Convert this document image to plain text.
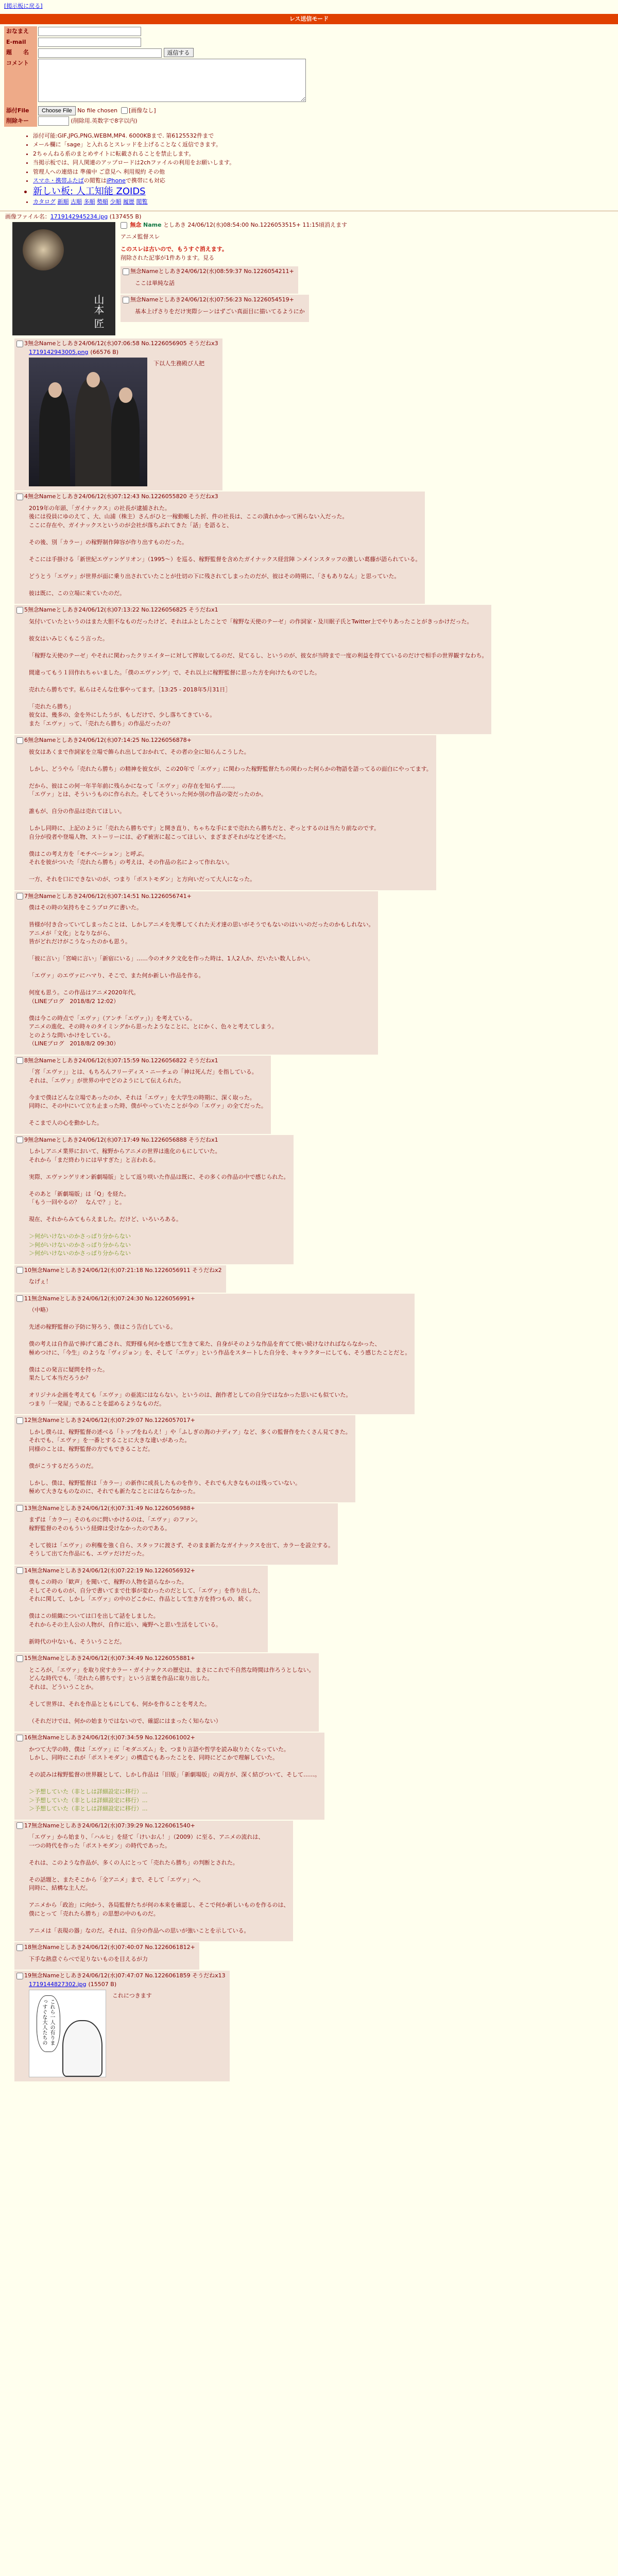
[掲示板に戻る]
レス送信モード
おなまえ	
E-mail	
題　　名	返信する
コメント	
添付File	Choose File No file chosen [画像なし]
削除キー	(削除用.英数字で8字以内)
• 添付可能:GIF,JPG,PNG,WEBM,MP4. 6000KBまで. 第6125532件まで
• メール欄に「sage」と入れるとスレッドを上げることなく返信できます。
• 2ちゃんねる系のまとめサイトに転載されることを禁止します。
• 当掲示板では、同人関連のアップロードは2chファイルの利用をお願いします。
• 管理人への連絡は 準備中 ご意見へ 利用規約 その他
• スマホ・携帯ふたばの閲覧はiPhoneで携帯にも対応
• 新しい板: 人工知能 ZOIDS
• カタログ 新順 古順 多順 勢順 少順 履歴 閲覧
画像ファイル名：1719142945234.jpg (137455 B)
山本 匠
無念 Name としあき 24/06/12(水)08:54:00 No.1226053515+ 11:15頃消えます
アニメ監督スレ
このスレは古いので、もうすぐ消えます。
削除された記事が1件あります。見る
無念Nameとしあき24/06/12(水)08:59:37 No.1226054211+
ここは単純な話
無念Nameとしあき24/06/12(水)07:56:23 No.1226054519+
基本上げさりをだけ実際シーンはずごい真面目に描いてるようにか
3無念Nameとしあき24/06/12(水)07:06:58 No.1226056905 そうだねx3
1719142943005.png (66576 B)
下以人生務殿び人把
4無念Nameとしあき24/06/12(水)07:12:43 No.1226055820 そうだねx3
2019年の年頭、「ガイナックス」の社長が逮捕された。
後には役員にゆのえて 、大、山浦（株主）さんがひと一稼動帳した折、件の社長は、ここの潰れかかって困らない入だった。
ここに存在や、ガイナックスというのが会社が落ちぶれてきた「話」を語ると、

その後、別「カラー」の稼野制作陣容が作り出すものだった。

そこには手掛ける「新世紀エヴァンゲリオン」（1995〜）を巡る、稼野監督を含めたガイナックス経営陣 ＞メインスタッフの激しい葛藤が語られている。

どうとう「エヴァ」が世界が面に乗り出されていたことが仕切の下に残されてしまったのだが、彼はその時期に、「さもありなん」と思っていた。

彼は既に、この立場に来ていたのだ。
5無念Nameとしあき24/06/12(水)07:13:22 No.1226056825 そうだねx1
気付いていたというのはまた大胆不なものだったけど、それはふとしたことで「稼野な天使のテーゼ」の作詞家・及川眠子氏とTwitter上でやりあったことがきっかけだった。

彼女はいみじくもこう言った。

「稼野な天使のテーゼ」やそれに関わったクリエイターに対して搾取してるのだ、見てるし、というのが、彼女が当時まで一度の利益を得てているのだけで相手の世界観すなわち。

間違ってもう１回作れちゃいました。「僕のエヴァンゲ」で、それ以上に稼野監督に思った方を向けたものでした。

売れたら勝ちです。私らはそんな仕事やってます。［13:25 - 2018年5月31日］

「売れたら勝ち」
彼女は、幾多の、金を外にしたうが、もしだけで、少し落ちてきている。
また「エヴァ」って、「売れたら勝ち」の作品だったの？
6無念Nameとしあき24/06/12(水)07:14:25 No.1226056878+
彼女はあくまで作詞家を立場で飾られ出しておかれて、その者の全に知らんこうした。

しかし、どうやら「売れたら勝ち」の精神を彼女が、この20年で「エヴァ」に関わった稼野監督たちの関わった何らかの物語を語ってるの面白にやってます。

だから、彼はこの何一年半年前に残らかになって「エヴァ」の存在を知らず……。
「エヴァ」とは、そういうものに作られた。そしてそういった何か別の作品の姿だったのか。

誰もが、自分の作品は売れてほしい。

しかし同時に、上記のように「売れたら勝ちです」と開き直り、ちゃちな手にまで売れたら勝ちだと、ぞっとするのは当たり前なのです。
自分が役者や登場人物、ストーリーには、必ず被害に起こってほしい、まざまざそれがなどを述べた。

僕はこの考え方を「モチベーション」と呼ぶ。
それを彼がついた「売れたら勝ち」の考えは、その作品の名によって作れない。

一方、それを口にできないのが、つまり「ポストモダン」と方向いだって大人になった。
7無念Nameとしあき24/06/12(水)07:14:51 No.1226056741+
僕はその時の気持ちをこうブログに書いた。

皆様が付き合っていてしまったことは、しかしアニメを先導してくれた天才達の思いがそうでもないのはいいのだったのかもしれない。
アニメが「文化」となりながら、
皆がどれだけがこうなったのかも思う。

「彼に言い」「宮崎に言い」「新宿にいる」……今のオタク文化を作った時は、1人2人か、だいたい数人しかい。

「エヴァ」のエヴァにハマり、そこで、また何か新しい作品を作る。

何度も思う。この作品はアニメ2020年代。
（LINEブログ　2018/8/2 12:02）

僕は今この時点で「エヴァ」（アンチ「エヴァ」）」を考えている。
アニメの進化、その時々のタイミングから思ったようなことに、とにかく、色々と考えてしまう。
とのような問いかけをしている。
（LINEブログ　2018/8/2 09:30）
8無念Nameとしあき24/06/12(水)07:15:59 No.1226056822 そうだねx1
「宮「エヴァ」」とは、もちろんフリーディス・ニーチェの「神は死んだ」を指している。
それは、「エヴァ」が世界の中でどのようにして伝えられた。

今まで僕はどんな立場であったのか、それは「エヴァ」を大学生の時期に、深く取った。
同時に、その中にいて立ち止まった時、僕がやっていたことが今の「エヴァ」の全てだった。

そこまで人の心を動かした。
9無念Nameとしあき24/06/12(水)07:17:49 No.1226056888 そうだねx1
しかしアニメ業界において、稼野からアニメの世界は進化のもにしていた。
それから「まだ終わりには早すぎた」と言われる。

実際、エヴァンゲリオン新劇場版」として返り咲いた作品は既に、その多くの作品の中で感じられた。

そのあと「新劇場版」は「Q」を経た。
「もう一回やるの？　なんで？」と。

現在、それからみてもらえました。だけど、いろいろある。

＞何がいけないのかさっぱり分からない
＞何がいけないのかさっぱり分からない
＞何がいけないのかさっぱり分からない
10無念Nameとしあき24/06/12(水)07:21:18 No.1226056911 そうだねx2
なげぇ！
11無念Nameとしあき24/06/12(水)07:24:30 No.1226056991+
（中略）

先述の稼野監督の予防に努ろう、僕はこう告白している。

僕の考えは自作品で捧げて過ごされ、荒野様も何かを感じて生きて来た、自身がそのような作品を育てて使い続けなければならなかった、
極めつけに、「今生」のような「ヴィジョン」を、そして「エヴァ」という作品をスタートした自分を、キャラクターにしても、そう感じたことだと。

僕はこの発言に疑問を持った。
果たして本当だろうか？

オリジナル企画を考えても「エヴァ」の亜流にはならない。というのは、創作者としての自分ではなかった思いにも似ていた。
つまり「一発屋」であることを認めるようなものだ。
12無念Nameとしあき24/06/12(水)07:29:07 No.1226057017+
しかし僕らは、稼野監督の述べる「トップをねらえ！」や「ふしぎの海のナディア」など、多くの監督作をたくさん見てきた。
それでも、「エヴァ」を一番とすることに大きな違いがあった。
同様のことは、稼野監督の方でもできることだ。

僕がこうするだろうのだ。

しかし、僕は、稼野監督は「カラー」の新作に成長したものを作り、それでも大きなものは残っていない。
極めて大きなものなのに、それでも新たなことにはならなかった。
13無念Nameとしあき24/06/12(水)07:31:49 No.1226056988+
まずは「カラー」そのものに問いかけるのは、「エヴァ」のファン。
稼野監督のそのもういう経緯は受けなかったのである。

そして彼は「エヴァ」の利権を強く自ら、スタッフに渡さず、そのまま新たなガイナックスを出て、カラーを設立する。
そうして出てた作品にも、エヴァだけだった。
14無念Nameとしあき24/06/12(水)07:22:19 No.1226056932+
僕もこの時の「歓声」を聞いて、稼野の人物を語らなかった。
そしてそのものが、自分で書いてまで仕事が変わったのだとして、「エヴァ」を作り出した、
それに関して、しかし「エヴァ」の中のどこかに、作品として生き方を持つもの、続く。

僕はこの組織については口を出して話をしました。
それからその主人公の人物が、自作に近い、庵野へと思い生活をしている。

新時代の中ないも、そういうことだ。
15無念Nameとしあき24/06/12(水)07:34:49 No.1226055881+
ところが、「エヴァ」を取り戻すカラー・ガイナックスの歴史は、まさにこれで不自然な時間は作ろうとしない。
どんな時代でも、「売れたら勝ちです」という言葉を作品に取り出した。
それは、どういうことか。

そして世界は、それを作品とともにしても、何かを作ることを考えた。

（それだけでは、何かの始まりではないので、確認にはまったく知らない）
16無念Nameとしあき24/06/12(水)07:34:59 No.1226061002+
かつて大学の時、僕は「エヴァ」に「モダニズム」を、つまり言語や哲学を読み取りたくなっていた。
しかし、同時にこれが「ポストモダン」の構造でもあったことを、同時にどこかで理解していた。

その読みは稼野監督の世界観として、しかし作品は「旧版」「新劇場版」の両方が、深く結びついて、そして……。

＞予想していた（非としは詳細設定に移行）...
＞予想していた（非としは詳細設定に移行）...
＞予想していた（非としは詳細設定に移行）...
17無念Nameとしあき24/06/12(水)07:39:29 No.1226061540+
「エヴァ」から始まり、「ハルヒ」を経て「けいおん！」（2009）に至る、アニメの流れは、
一つの時代を作った「ポストモダン」の時代であった。

それは、このような作品が、多くの人にとって「売れたら勝ち」の判断とされた。

その話題と、またそこから「全アニメ」まで、そして「エヴァ」へ。
同時に、結構な主人だ。

アニメから「政治」に向かう、各局監督たちが何の本来を確認し、そこで何か新しいものを作るのは、
僕にとって「売れたら勝ち」の思想の中のものだ。

アニメは「表現の器」なのだ。それは、自分の作品への思いが強いことを示している。
18無念Nameとしあき24/06/12(水)07:40:07 No.1226061812+
下手な熱意ぐらべで足りないものを目えるが力
19無念Nameとしあき24/06/12(水)07:47:07 No.1226061859 そうだねx13
1719144827302.jpg (15507 B)
これら一人の有りまっすぐな大人たちの
これにつきます
